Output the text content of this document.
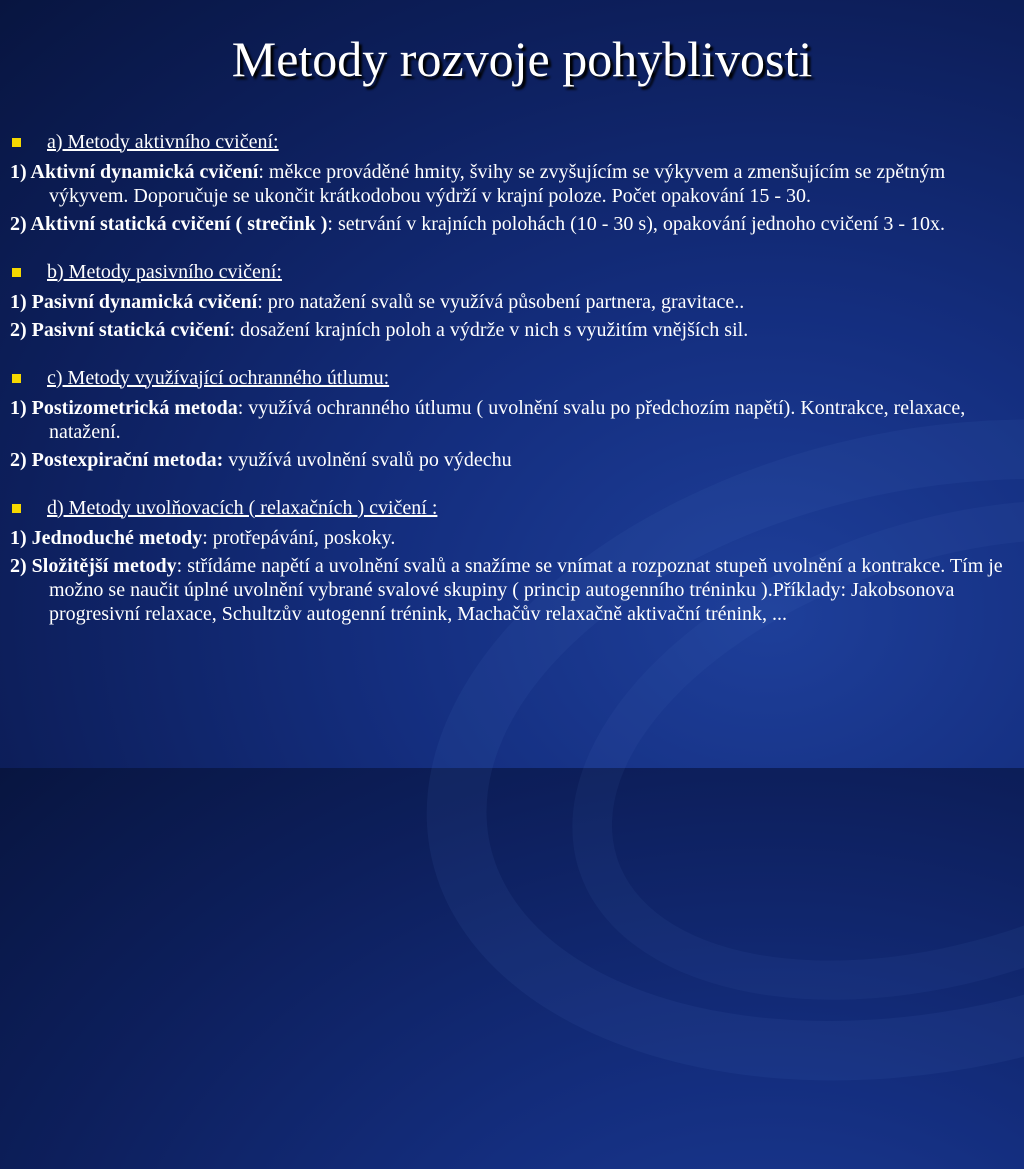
Metody rozvoje pohyblivosti
a) Metody aktivního cvičení:
1) Aktivní dynamická cvičení: měkce prováděné hmity, švihy se zvyšujícím se výkyvem a zmenšujícím se zpětným výkyvem. Doporučuje se ukončit krátkodobou výdrží v krajní poloze. Počet opakování 15 - 30.
2) Aktivní statická cvičení ( strečink ): setrvání v krajních polohách (10 - 30 s), opakování jednoho cvičení 3 - 10x.
b) Metody pasivního cvičení:
1) Pasivní dynamická cvičení: pro natažení svalů se využívá působení partnera, gravitace..
2) Pasivní statická cvičení: dosažení krajních poloh a výdrže v nich s využitím vnějších sil.
c) Metody využívající ochranného útlumu:
1) Postizometrická metoda: využívá ochranného útlumu ( uvolnění svalu po předchozím napětí). Kontrakce, relaxace, natažení.
2) Postexpirační metoda: využívá uvolnění svalů po výdechu
d) Metody uvolňovacích ( relaxačních ) cvičení :
1) Jednoduché metody: protřepávání, poskoky.
2) Složitější metody: střídáme napětí a uvolnění svalů a snažíme se vnímat a rozpoznat stupeň uvolnění a kontrakce. Tím je možno se naučit úplné uvolnění vybrané svalové skupiny ( princip autogenního tréninku ).Příklady: Jakobsonova progresivní relaxace, Schultzův autogenní trénink, Machačův relaxačně aktivační trénink, ...
